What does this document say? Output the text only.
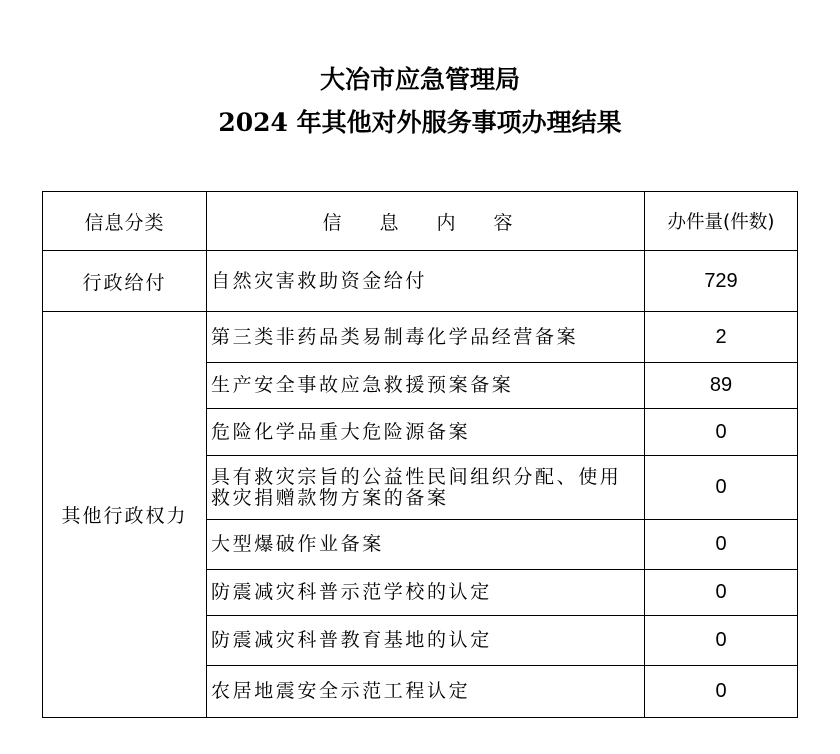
大冶市应急管理局
2024 年其他对外服务事项办理结果
信息分类	信 息 内 容	办件量(件数)
行政给付	自然灾害救助资金给付	729
其他行政权力	第三类非药品类易制毒化学品经营备案	2
	生产安全事故应急救援预案备案	89
	危险化学品重大危险源备案	0
	具有救灾宗旨的公益性民间组织分配、使用救灾捐赠款物方案的备案	0
	大型爆破作业备案	0
	防震减灾科普示范学校的认定	0
	防震减灾科普教育基地的认定	0
	农居地震安全示范工程认定	0
